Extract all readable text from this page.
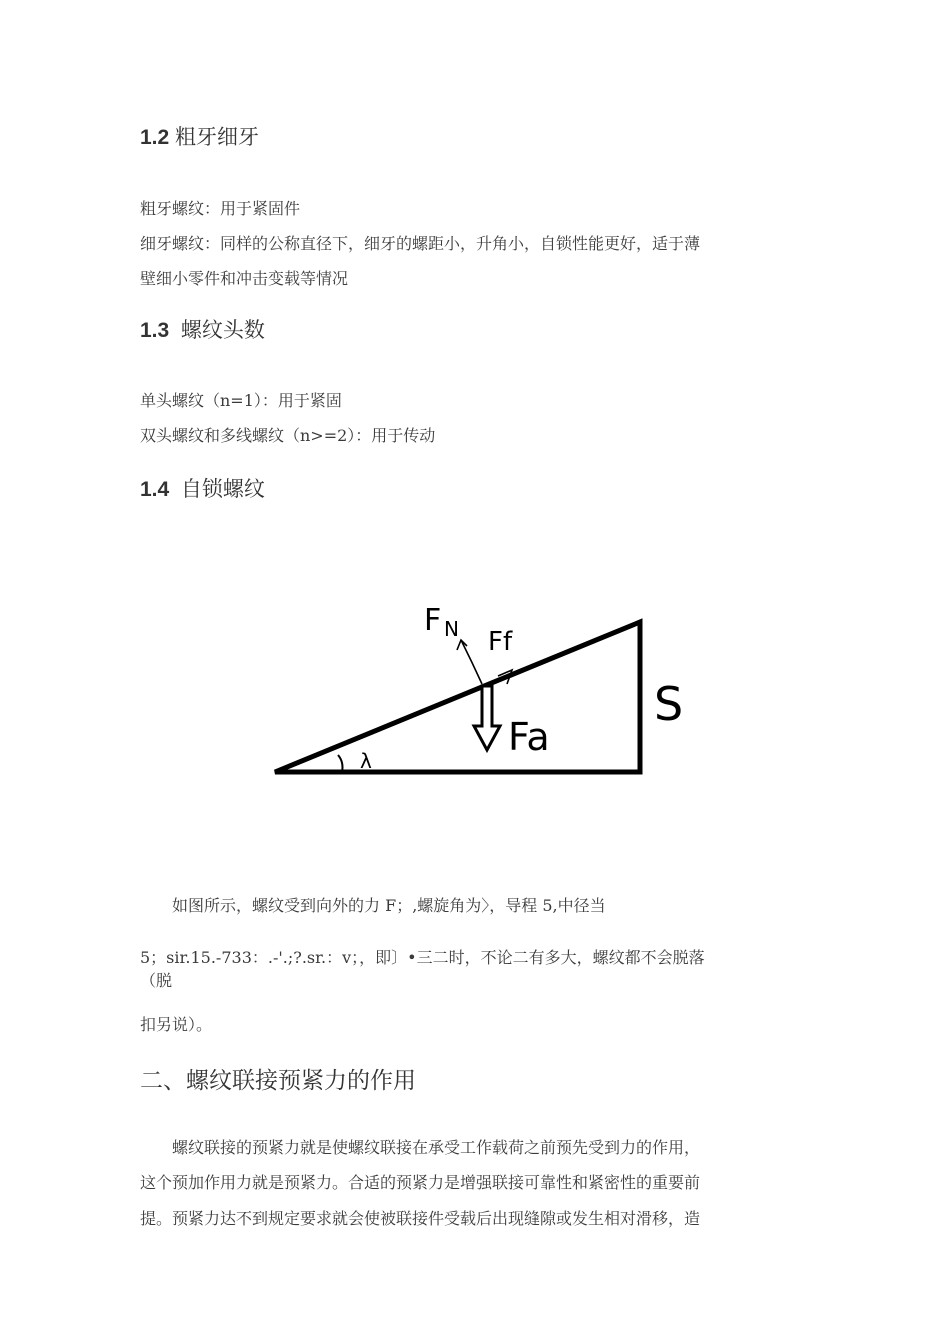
1.2 粗牙细牙
粗牙螺纹：用于紧固件
细牙螺纹：同样的公称直径下，细牙的螺距小，升角小，自锁性能更好，适于薄
壁细小零件和冲击变载等情况
1.3 螺纹头数
单头螺纹（n=1）：用于紧固
双头螺纹和多线螺纹（n>=2）：用于传动
1.4 自锁螺纹
F N Ff
Fa
S
λ
如图所示，螺纹受到向外的力 F；,螺旋角为〉，导程 5,中径当
5；sir.15.-733：.-'.;?.sr.：v；，即〕•三二时，不论二有多大，螺纹都不会脱落
（脱
扣另说）。
二、螺纹联接预紧力的作用
螺纹联接的预紧力就是使螺纹联接在承受工作载荷之前预先受到力的作用，
这个预加作用力就是预紧力。合适的预紧力是增强联接可靠性和紧密性的重要前
提。预紧力达不到规定要求就会使被联接件受载后出现缝隙或发生相对滑移，造
